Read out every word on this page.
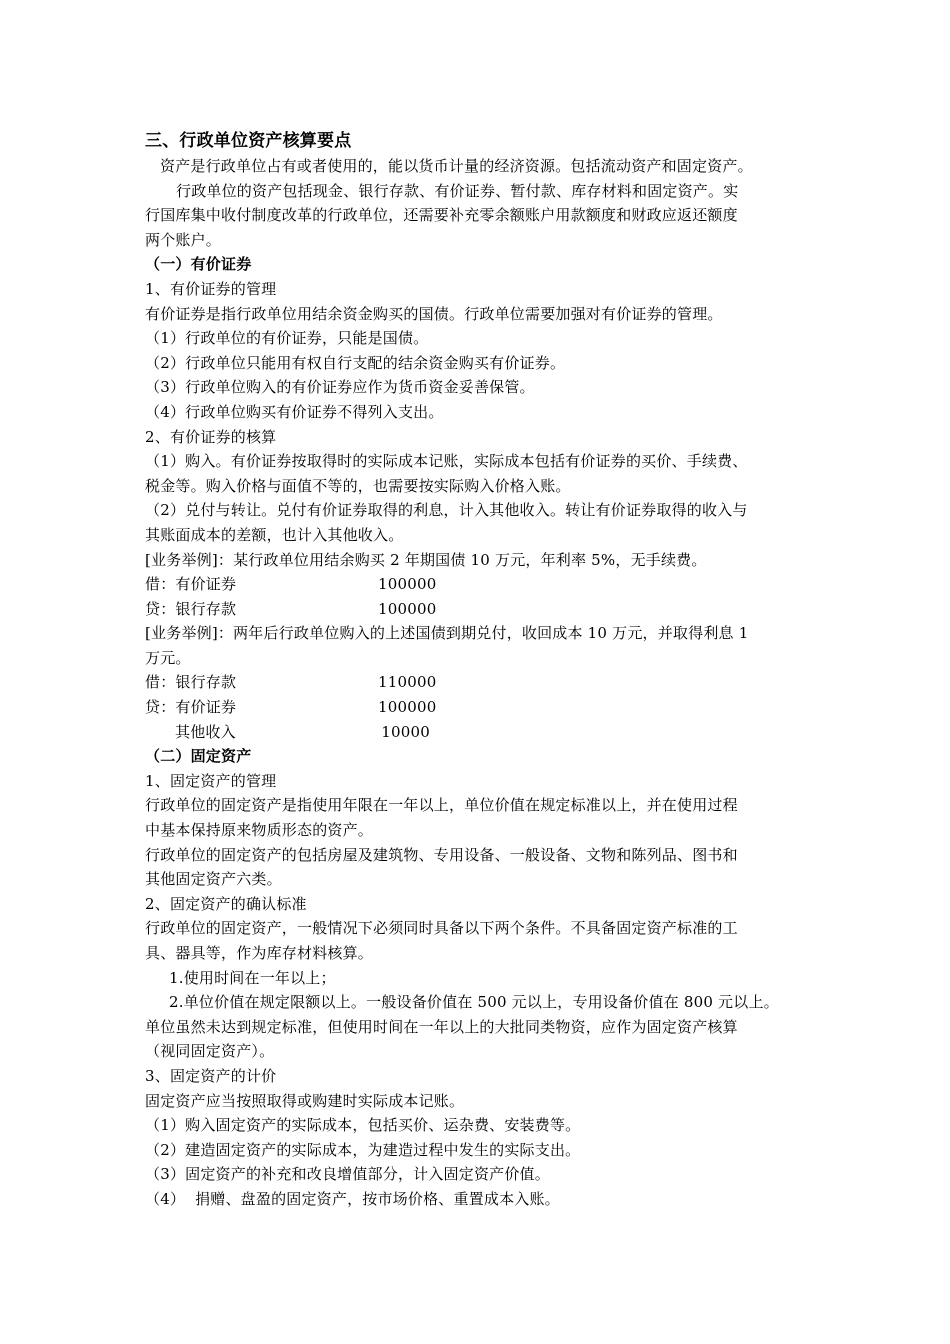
三、行政单位资产核算要点
资产是行政单位占有或者使用的，能以货币计量的经济资源。包括流动资产和固定资产。
行政单位的资产包括现金、银行存款、有价证券、暂付款、库存材料和固定资产。实
行国库集中收付制度改革的行政单位，还需要补充零余额账户用款额度和财政应返还额度
两个账户。
（一）有价证券
1、有价证券的管理
有价证券是指行政单位用结余资金购买的国债。行政单位需要加强对有价证券的管理。
（1）行政单位的有价证券，只能是国债。
（2）行政单位只能用有权自行支配的结余资金购买有价证券。
（3）行政单位购入的有价证券应作为货币资金妥善保管。
（4）行政单位购买有价证券不得列入支出。
2、有价证券的核算
（1）购入。有价证券按取得时的实际成本记账，实际成本包括有价证券的买价、手续费、
税金等。购入价格与面值不等的，也需要按实际购入价格入账。
（2）兑付与转让。兑付有价证券取得的利息，计入其他收入。转让有价证券取得的收入与
其账面成本的差额，也计入其他收入。
[业务举例]：某行政单位用结余购买 2 年期国债 10 万元，年利率 5%，无手续费。
借：有价证券	100000
贷：银行存款	100000
[业务举例]：两年后行政单位购入的上述国债到期兑付，收回成本 10 万元，并取得利息 1
万元。
借：银行存款	110000
贷：有价证券	100000
其他收入	10000
（二）固定资产
1、固定资产的管理
行政单位的固定资产是指使用年限在一年以上，单位价值在规定标准以上，并在使用过程
中基本保持原来物质形态的资产。
行政单位的固定资产的包括房屋及建筑物、专用设备、一般设备、文物和陈列品、图书和
其他固定资产六类。
2、固定资产的确认标准
行政单位的固定资产，一般情况下必须同时具备以下两个条件。不具备固定资产标准的工
具、器具等，作为库存材料核算。
1.使用时间在一年以上；
2.单位价值在规定限额以上。一般设备价值在 500 元以上，专用设备价值在 800 元以上。
单位虽然未达到规定标准，但使用时间在一年以上的大批同类物资，应作为固定资产核算
（视同固定资产）。
3、固定资产的计价
固定资产应当按照取得或购建时实际成本记账。
（1）购入固定资产的实际成本，包括买价、运杂费、安装费等。
（2）建造固定资产的实际成本，为建造过程中发生的实际支出。
（3）固定资产的补充和改良增值部分，计入固定资产价值。
（4）  捐赠、盘盈的固定资产，按市场价格、重置成本入账。
